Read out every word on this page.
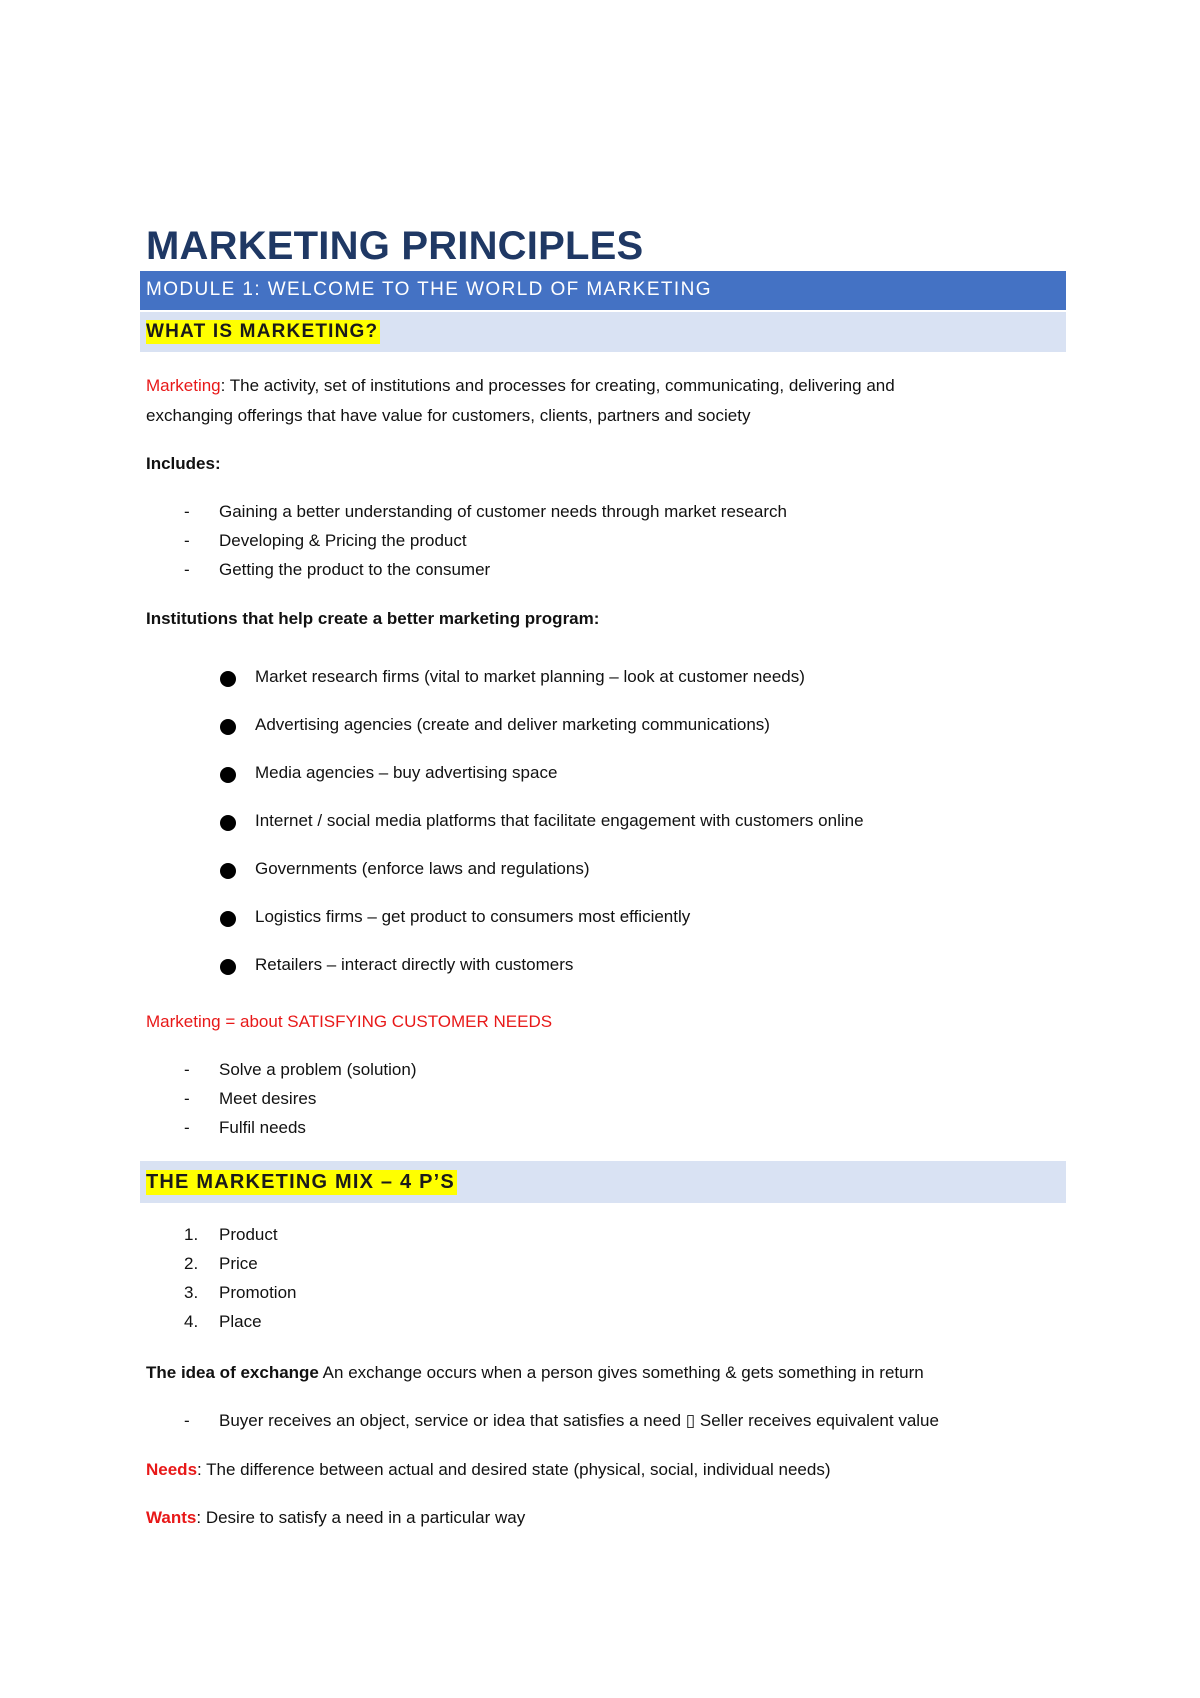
MARKETING PRINCIPLES
MODULE 1: WELCOME TO THE WORLD OF MARKETING
WHAT IS MARKETING?
Marketing: The activity, set of institutions and processes for creating, communicating, delivering and
exchanging offerings that have value for customers, clients, partners and society
Includes:
- Gaining a better understanding of customer needs through market research
- Developing & Pricing the product
- Getting the product to the consumer
Institutions that help create a better marketing program:
Market research firms (vital to market planning – look at customer needs)
Advertising agencies (create and deliver marketing communications)
Media agencies – buy advertising space
Internet / social media platforms that facilitate engagement with customers online
Governments (enforce laws and regulations)
Logistics firms – get product to consumers most efficiently
Retailers – interact directly with customers
Marketing = about SATISFYING CUSTOMER NEEDS
- Solve a problem (solution)
- Meet desires
- Fulfil needs
THE MARKETING MIX – 4 P’S
1. Product
2. Price
3. Promotion
4. Place
The idea of exchange An exchange occurs when a person gives something & gets something in return
- Buyer receives an object, service or idea that satisfies a need ▯ Seller receives equivalent value
Needs: The difference between actual and desired state (physical, social, individual needs)
Wants: Desire to satisfy a need in a particular way
